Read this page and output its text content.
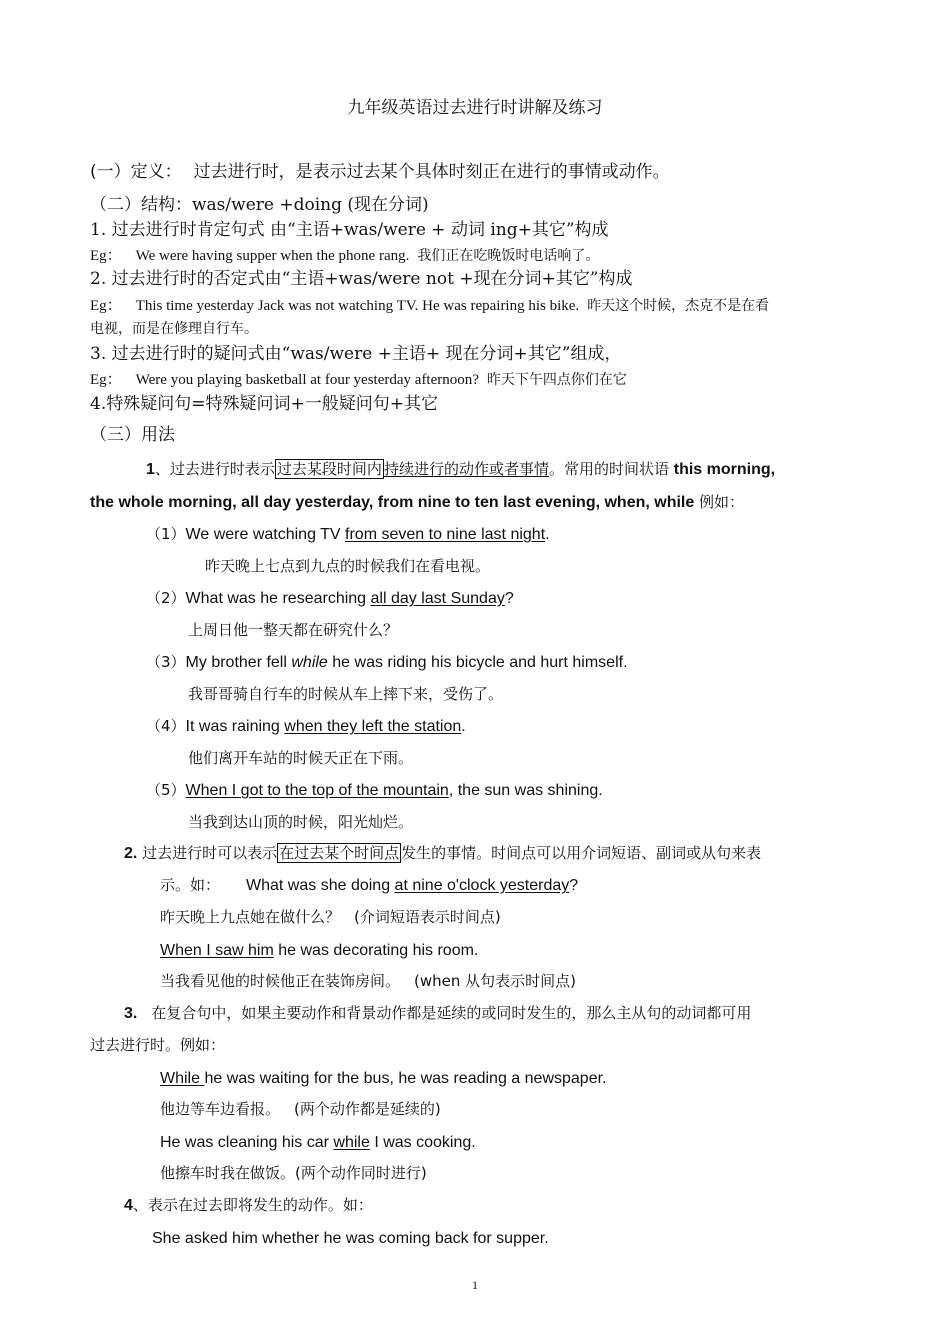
九年级英语过去进行时讲解及练习
(一）定义： 过去进行时，是表示过去某个具体时刻正在进行的事情或动作。
（二）结构：was/were +doing (现在分词)
1. 过去进行时肯定句式 由“主语+was/were + 动词 ing+其它”构成
Eg： We were having supper when the phone rang. 我们正在吃晚饭时电话响了。
2. 过去进行时的否定式由“主语+was/were not +现在分词+其它”构成
Eg： This time yesterday Jack was not watching TV. He was repairing his bike. 昨天这个时候，杰克不是在看
电视，而是在修理自行车。
3. 过去进行时的疑问式由“was/were +主语+ 现在分词+其它”组成，
Eg： Were you playing basketball at four yesterday afternoon? 昨天下午四点你们在它
4.特殊疑问句=特殊疑问词+一般疑问句+其它
（三）用法
1、过去进行时表示 过去某段时间内 持续进行的动作或者事情。常用的时间状语 this morning,
the whole morning, all day yesterday, from nine to ten last evening, when, while 例如：
（1）We were watching TV from seven to nine last night.
昨天晚上七点到九点的时候我们在看电视。
（2）What was he researching all day last Sunday?
上周日他一整天都在研究什么？
（3）My brother fell while he was riding his bicycle and hurt himself.
我哥哥骑自行车的时候从车上摔下来，受伤了。
（4）It was raining when they left the station.
他们离开车站的时候天正在下雨。
（5）When I got to the top of the mountain, the sun was shining.
当我到达山顶的时候，阳光灿烂。
2. 过去进行时可以表示 在过去某个时间点 发生的事情。时间点可以用介词短语、副词或从句来表
示。如： What was she doing at nine o'clock yesterday?
昨天晚上九点她在做什么？ (介词短语表示时间点)
When I saw him he was decorating his room.
当我看见他的时候他正在装饰房间。 (when 从句表示时间点)
3. 在复合句中，如果主要动作和背景动作都是延续的或同时发生的，那么主从句的动词都可用
过去进行时。例如：
While he was waiting for the bus, he was reading a newspaper.
他边等车边看报。 (两个动作都是延续的)
He was cleaning his car while I was cooking.
他擦车时我在做饭。(两个动作同时进行)
4、表示在过去即将发生的动作。如：
She asked him whether he was coming back for supper.
1
